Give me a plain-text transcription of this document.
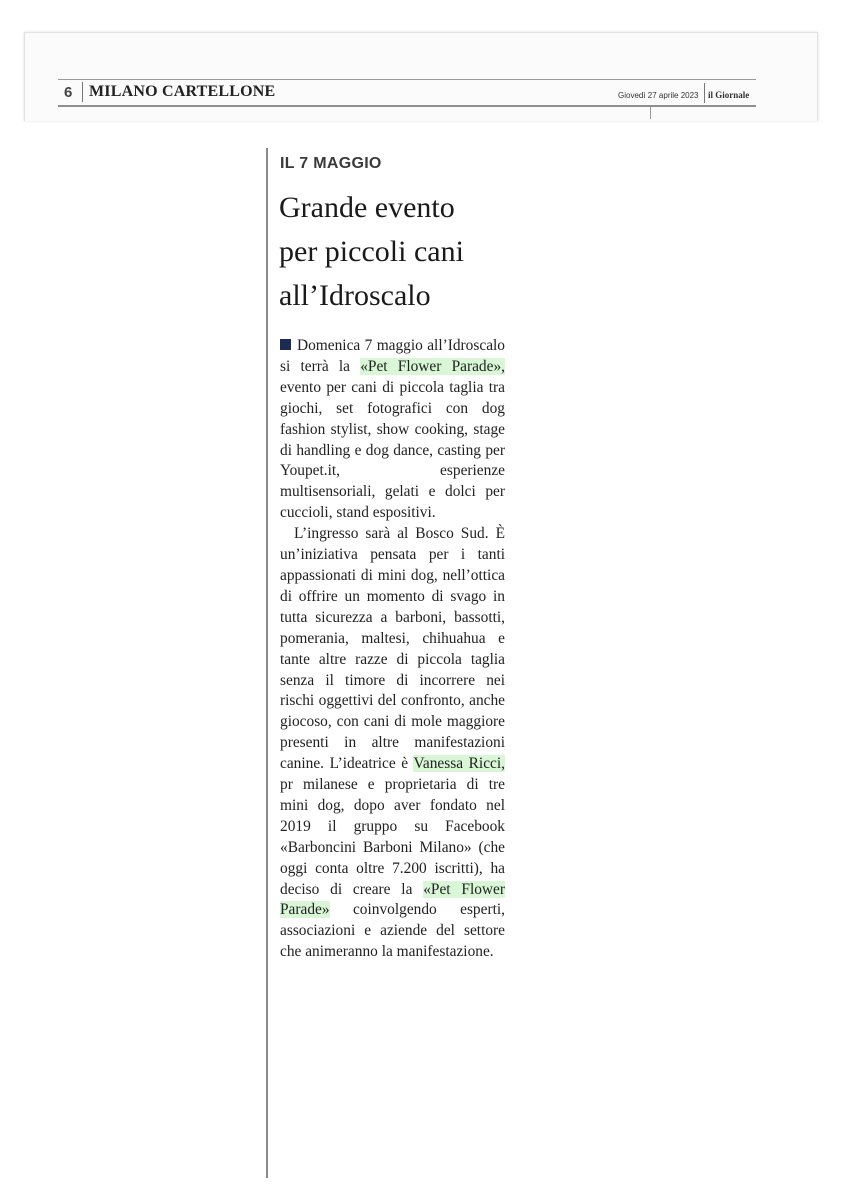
6 MILANO CARTELLONE	Giovedì 27 aprile 2023 il Giornale
IL 7 MAGGIO
Grande evento
per piccoli cani
all’Idroscalo

Domenica 7 maggio all’Idroscalo si terrà la «Pet Flower Parade», evento per cani di piccola taglia tra giochi, set fotografici con dog fashion stylist, show cooking, stage di handling e dog dance, casting per Youpet.it, esperienze multisensoriali, gelati e dolci per cuccioli, stand espositivi.

L’ingresso sarà al Bosco Sud. È un’iniziativa pensata per i tanti appassionati di mini dog, nell’ottica di offrire un momento di svago in tutta sicurezza a barboni, bassotti, pomerania, maltesi, chihuahua e tante altre razze di piccola taglia senza il timore di incorrere nei rischi oggettivi del confronto, anche giocoso, con cani di mole maggiore presenti in altre manifestazioni canine. L’ideatrice è Vanessa Ricci, pr milanese e proprietaria di tre mini dog, dopo aver fondato nel 2019 il gruppo su Facebook «Barboncini Barboni Milano» (che oggi conta oltre 7.200 iscritti), ha deciso di creare la «Pet Flower Parade» coinvolgendo esperti, associazioni e aziende del settore che animeranno la manifestazione.
